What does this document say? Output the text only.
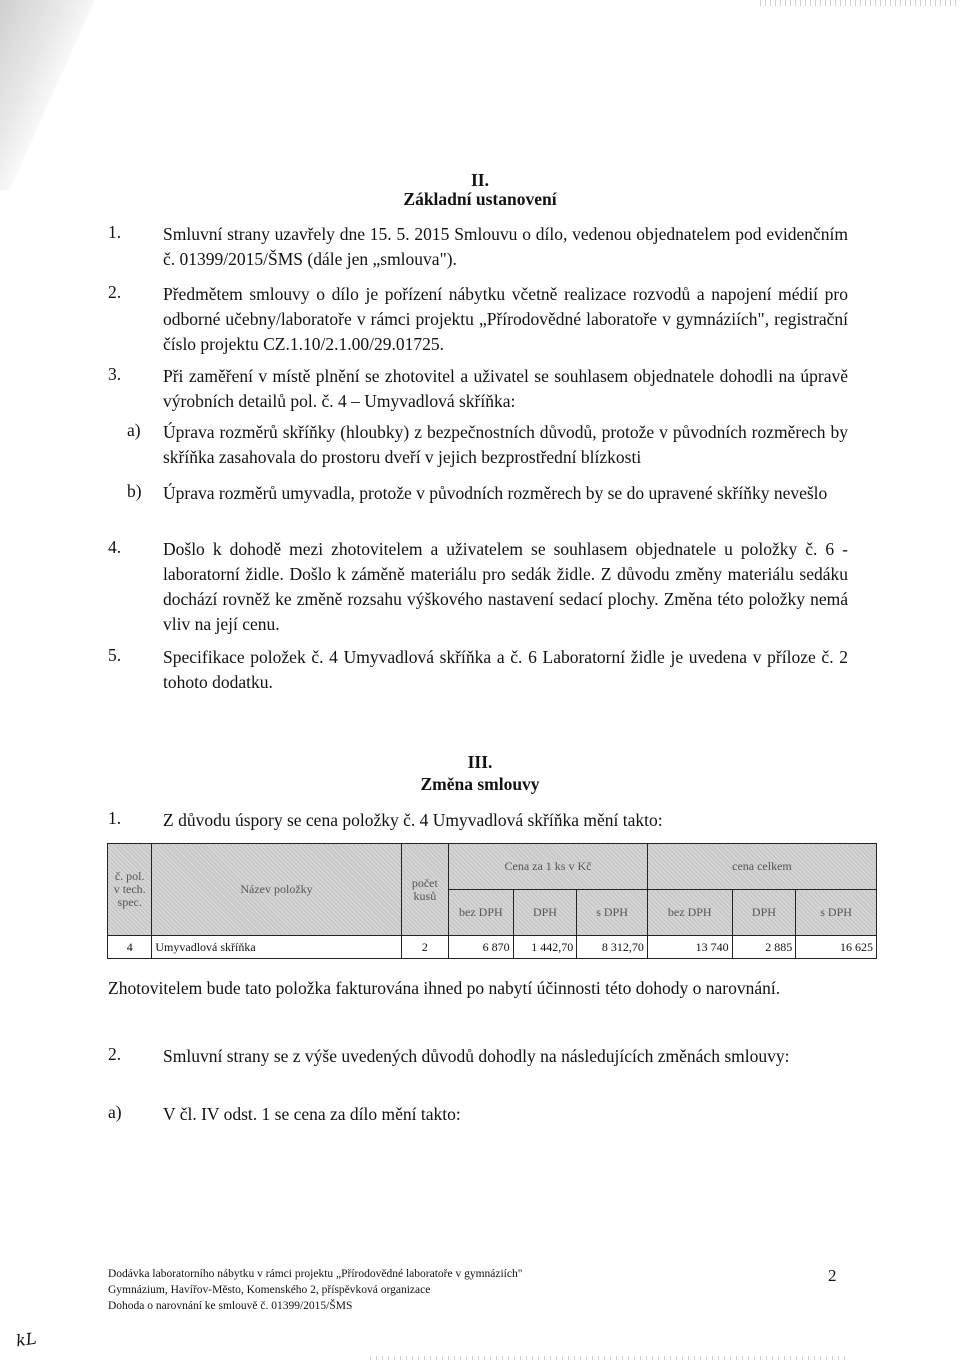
II.
Základní ustanovení
1. Smluvní strany uzavřely dne 15. 5. 2015 Smlouvu o dílo, vedenou objednatelem pod evidenčním č. 01399/2015/ŠMS (dále jen „smlouva").
2. Předmětem smlouvy o dílo je pořízení nábytku včetně realizace rozvodů a napojení médií pro odborné učebny/laboratoře v rámci projektu „Přírodovědné laboratoře v gymnáziích", registrační číslo projektu CZ.1.10/2.1.00/29.01725.
3. Při zaměření v místě plnění se zhotovitel a uživatel se souhlasem objednatele dohodli na úpravě výrobních detailů pol. č. 4 – Umyvadlová skříňka:
a) Úprava rozměrů skříňky (hloubky) z bezpečnostních důvodů, protože v původních rozměrech by skříňka zasahovala do prostoru dveří v jejich bezprostřední blízkosti
b) Úprava rozměrů umyvadla, protože v původních rozměrech by se do upravené skříňky nevešlo
4. Došlo k dohodě mezi zhotovitelem a uživatelem se souhlasem objednatele u položky č. 6 - laboratorní židle. Došlo k záměně materiálu pro sedák židle. Z důvodu změny materiálu sedáku dochází rovněž ke změně rozsahu výškového nastavení sedací plochy. Změna této položky nemá vliv na její cenu.
5. Specifikace položek č. 4 Umyvadlová skříňka a č. 6 Laboratorní židle je uvedena v příloze č. 2 tohoto dodatku.
III.
Změna smlouvy
1. Z důvodu úspory se cena položky č. 4 Umyvadlová skříňka mění takto:
č. pol. v tech. spec.	Název položky	počet kusů	Cena za 1 ks v Kč			cena celkem		
			bez DPH	DPH	s DPH	bez DPH	DPH	s DPH
4	Umyvadlová skříňka	2	6 870	1 442,70	8 312,70	13 740	2 885	16 625
Zhotovitelem bude tato položka fakturována ihned po nabytí účinnosti této dohody o narovnání.
2. Smluvní strany se z výše uvedených důvodů dohodly na následujících změnách smlouvy:
a) V čl. IV odst. 1 se cena za dílo mění takto:
Dodávka laboratorního nábytku v rámci projektu „Přírodovědné laboratoře v gymnáziích"
Gymnázium, Havířov-Město, Komenského 2, příspěvková organizace
Dohoda o narovnání ke smlouvě č. 01399/2015/ŠMS
2
kL
